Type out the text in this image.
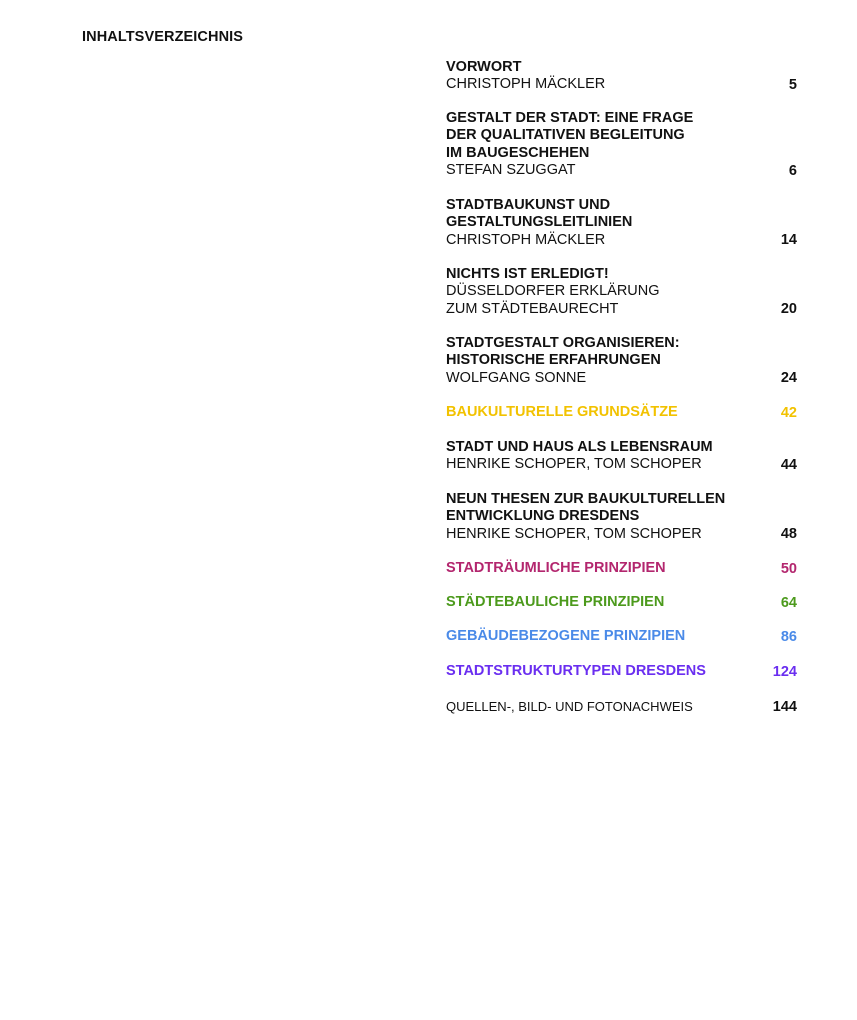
INHALTSVERZEICHNIS
VORWORT
CHRISTOPH MÄCKLER	5
GESTALT DER STADT: EINE FRAGE
DER QUALITATIVEN BEGLEITUNG
IM BAUGESCHEHEN
STEFAN SZUGGAT	6
STADTBAUKUNST UND
GESTALTUNGSLEITLINIEN
CHRISTOPH MÄCKLER	14
NICHTS IST ERLEDIGT!
DÜSSELDORFER ERKLÄRUNG
ZUM STÄDTEBAURECHT	20
STADTGESTALT ORGANISIEREN:
HISTORISCHE ERFAHRUNGEN
WOLFGANG SONNE	24
BAUKULTURELLE GRUNDSÄTZE	42
STADT UND HAUS ALS LEBENSRAUM
HENRIKE SCHOPER, TOM SCHOPER	44
NEUN THESEN ZUR BAUKULTURELLEN
ENTWICKLUNG DRESDENS
HENRIKE SCHOPER, TOM SCHOPER	48
STADTRÄUMLICHE PRINZIPIEN	50
STÄDTEBAULICHE PRINZIPIEN	64
GEBÄUDEBEZOGENE PRINZIPIEN	86
STADTSTRUKTURTYPEN DRESDENS	124
QUELLEN-, BILD- UND FOTONACHWEIS	144
